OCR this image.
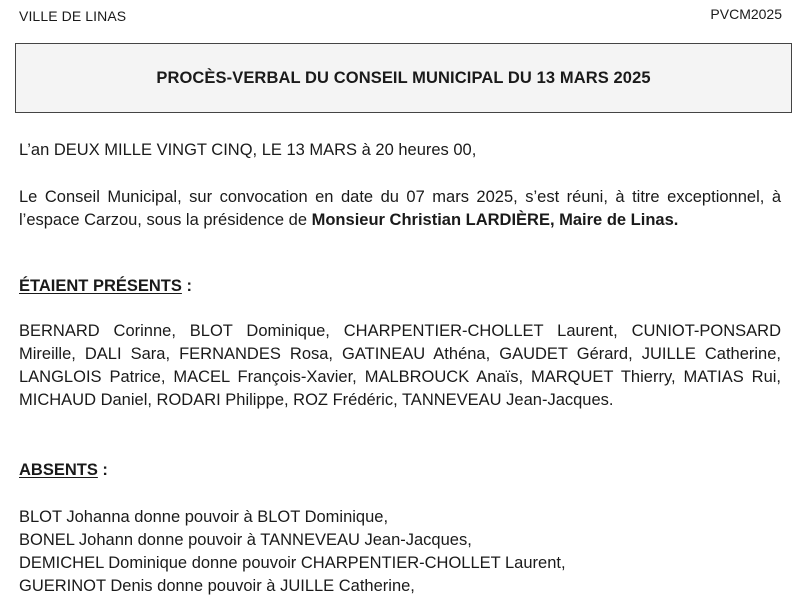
VILLE DE LINAS	PVCM2025
PROCÈS-VERBAL DU CONSEIL MUNICIPAL DU 13 MARS 2025

L’an DEUX MILLE VINGT CINQ, LE 13 MARS à 20 heures 00,

Le Conseil Municipal, sur convocation en date du 07 mars 2025, s’est réuni, à titre exceptionnel, à l’espace Carzou, sous la présidence de Monsieur Christian LARDIÈRE, Maire de Linas.

ÉTAIENT PRÉSENTS :

BERNARD Corinne, BLOT Dominique, CHARPENTIER-CHOLLET Laurent, CUNIOT-PONSARD Mireille, DALI Sara, FERNANDES Rosa, GATINEAU Athéna, GAUDET Gérard, JUILLE Catherine, LANGLOIS Patrice, MACEL François-Xavier, MALBROUCK Anaïs, MARQUET Thierry, MATIAS Rui, MICHAUD Daniel, RODARI Philippe, ROZ Frédéric, TANNEVEAU Jean-Jacques.

ABSENTS :

BLOT Johanna donne pouvoir à BLOT Dominique,
BONEL Johann donne pouvoir à TANNEVEAU Jean-Jacques,
DEMICHEL Dominique donne pouvoir CHARPENTIER-CHOLLET Laurent,
GUERINOT Denis donne pouvoir à JUILLE Catherine,
